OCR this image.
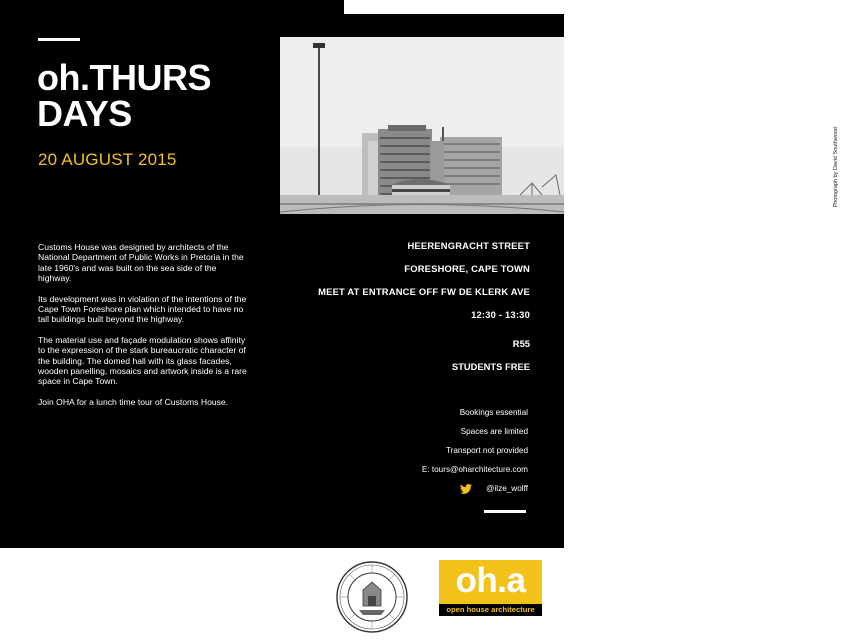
oh.THURS
DAYS
20 AUGUST 2015	Photograph by David Southwood

Customs House was designed by architects of the National Department of Public Works in Pretoria in the late 1960's and was built on the sea side of the highway.

Its development was in violation of the intentions of the Cape Town Foreshore plan which intended to have no tall buildings built beyond the highway.

The material use and façade modulation shows affinity to the expression of the stark bureaucratic character of the building. The domed hall with its glass facades, wooden panelling, mosaics and artwork inside is a rare space in Cape Town.

Join OHA for a lunch time tour of Customs House.

HEERENGRACHT STREET
FORESHORE, CAPE TOWN
MEET AT ENTRANCE OFF FW DE KLERK AVE
12:30 - 13:30
R55
STUDENTS FREE
Bookings essential
Spaces are limited
Transport not provided
E: tours@oharchitecture.com
@ilze_wolff
oh.a
open house architecture
